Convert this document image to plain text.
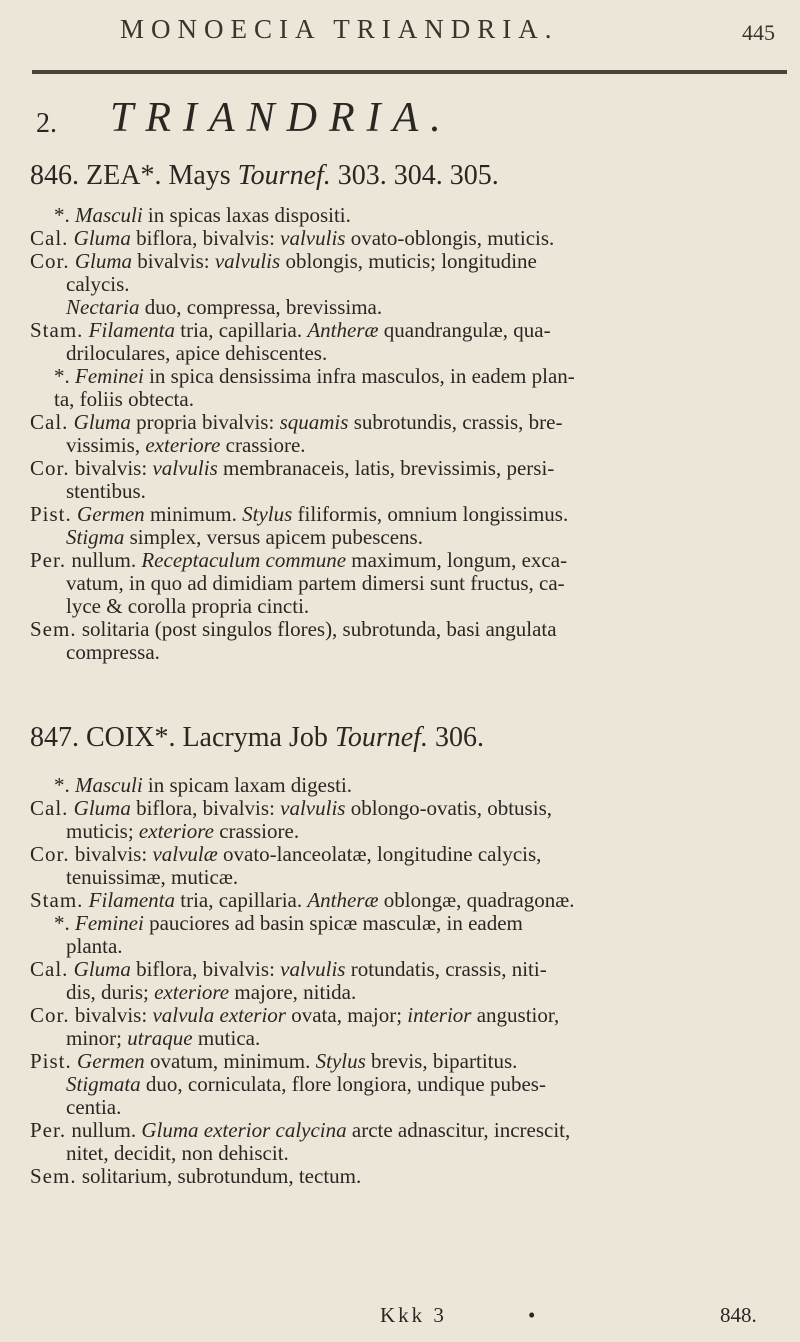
MONOECIA TRIANDRIA.	445
2. TRIANDRIA.
846. ZEA*. Mays Tournef. 303. 304. 305.
*. Masculi in spicas laxas dispositi.
Cal. Gluma biflora, bivalvis: valvulis ovato-oblongis, muticis.
Cor. Gluma bivalvis: valvulis oblongis, muticis; longitudine
calycis.
Nectaria duo, compressa, brevissima.
Stam. Filamenta tria, capillaria. Antheræ quandrangulæ, qua-
driloculares, apice dehiscentes.
*. Feminei in spica densissima infra masculos, in eadem plan-
ta, foliis obtecta.
Cal. Gluma propria bivalvis: squamis subrotundis, crassis, bre-
vissimis, exteriore crassiore.
Cor. bivalvis: valvulis membranaceis, latis, brevissimis, persi-
stentibus.
Pist. Germen minimum. Stylus filiformis, omnium longissimus.
Stigma simplex, versus apicem pubescens.
Per. nullum. Receptaculum commune maximum, longum, exca-
vatum, in quo ad dimidiam partem dimersi sunt fructus, ca-
lyce & corolla propria cincti.
Sem. solitaria (post singulos flores), subrotunda, basi angulata
compressa.
847. COIX*. Lacryma Job Tournef. 306.
*. Masculi in spicam laxam digesti.
Cal. Gluma biflora, bivalvis: valvulis oblongo-ovatis, obtusis,
muticis; exteriore crassiore.
Cor. bivalvis: valvulæ ovato-lanceolatæ, longitudine calycis,
tenuissimæ, muticæ.
Stam. Filamenta tria, capillaria. Antheræ oblongæ, quadragonæ.
*. Feminei pauciores ad basin spicæ masculæ, in eadem
planta.
Cal. Gluma biflora, bivalvis: valvulis rotundatis, crassis, niti-
dis, duris; exteriore majore, nitida.
Cor. bivalvis: valvula exterior ovata, major; interior angustior,
minor; utraque mutica.
Pist. Germen ovatum, minimum. Stylus brevis, bipartitus.
Stigmata duo, corniculata, flore longiora, undique pubes-
centia.
Per. nullum. Gluma exterior calycina arcte adnascitur, increscit,
nitet, decidit, non dehiscit.
Sem. solitarium, subrotundum, tectum.
Kkk 3	•	848.
